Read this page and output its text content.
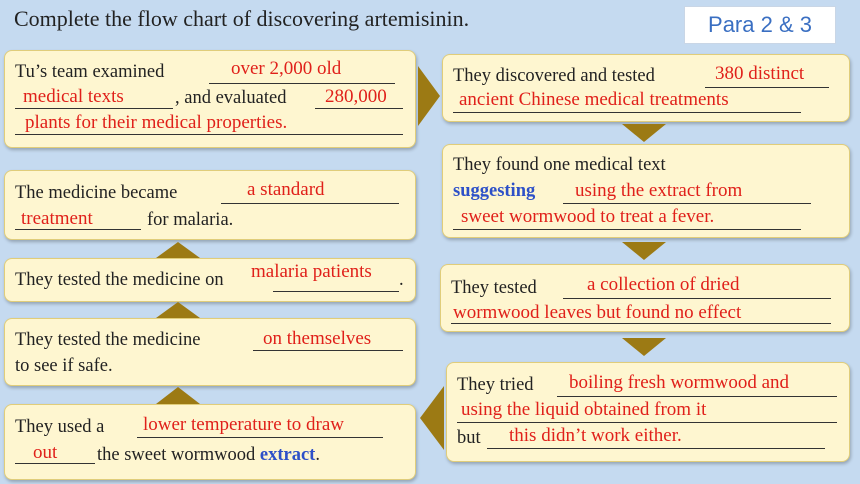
Complete the flow chart of discovering artemisinin.	Para 2 & 3
Tu’s team examined
, and evaluated
over 2,000 old
medical texts	280,000
plants for their medical properties.
They discovered and tested	380 distinct
ancient Chinese medical treatments
They found one medical text
suggesting using the extract from
sweet wormwood to treat a fever.
They tested	a collection of dried
wormwood leaves but found no effect
They tried
but
boiling fresh wormwood and
using the liquid obtained from it
this didn’t work either.
They used a
the sweet wormwood extract.
lower temperature to draw
out
They tested the medicine
to see if safe.
on themselves
They tested the medicine on	.
malaria patients
The medicine became
for malaria.
a standard
treatment
